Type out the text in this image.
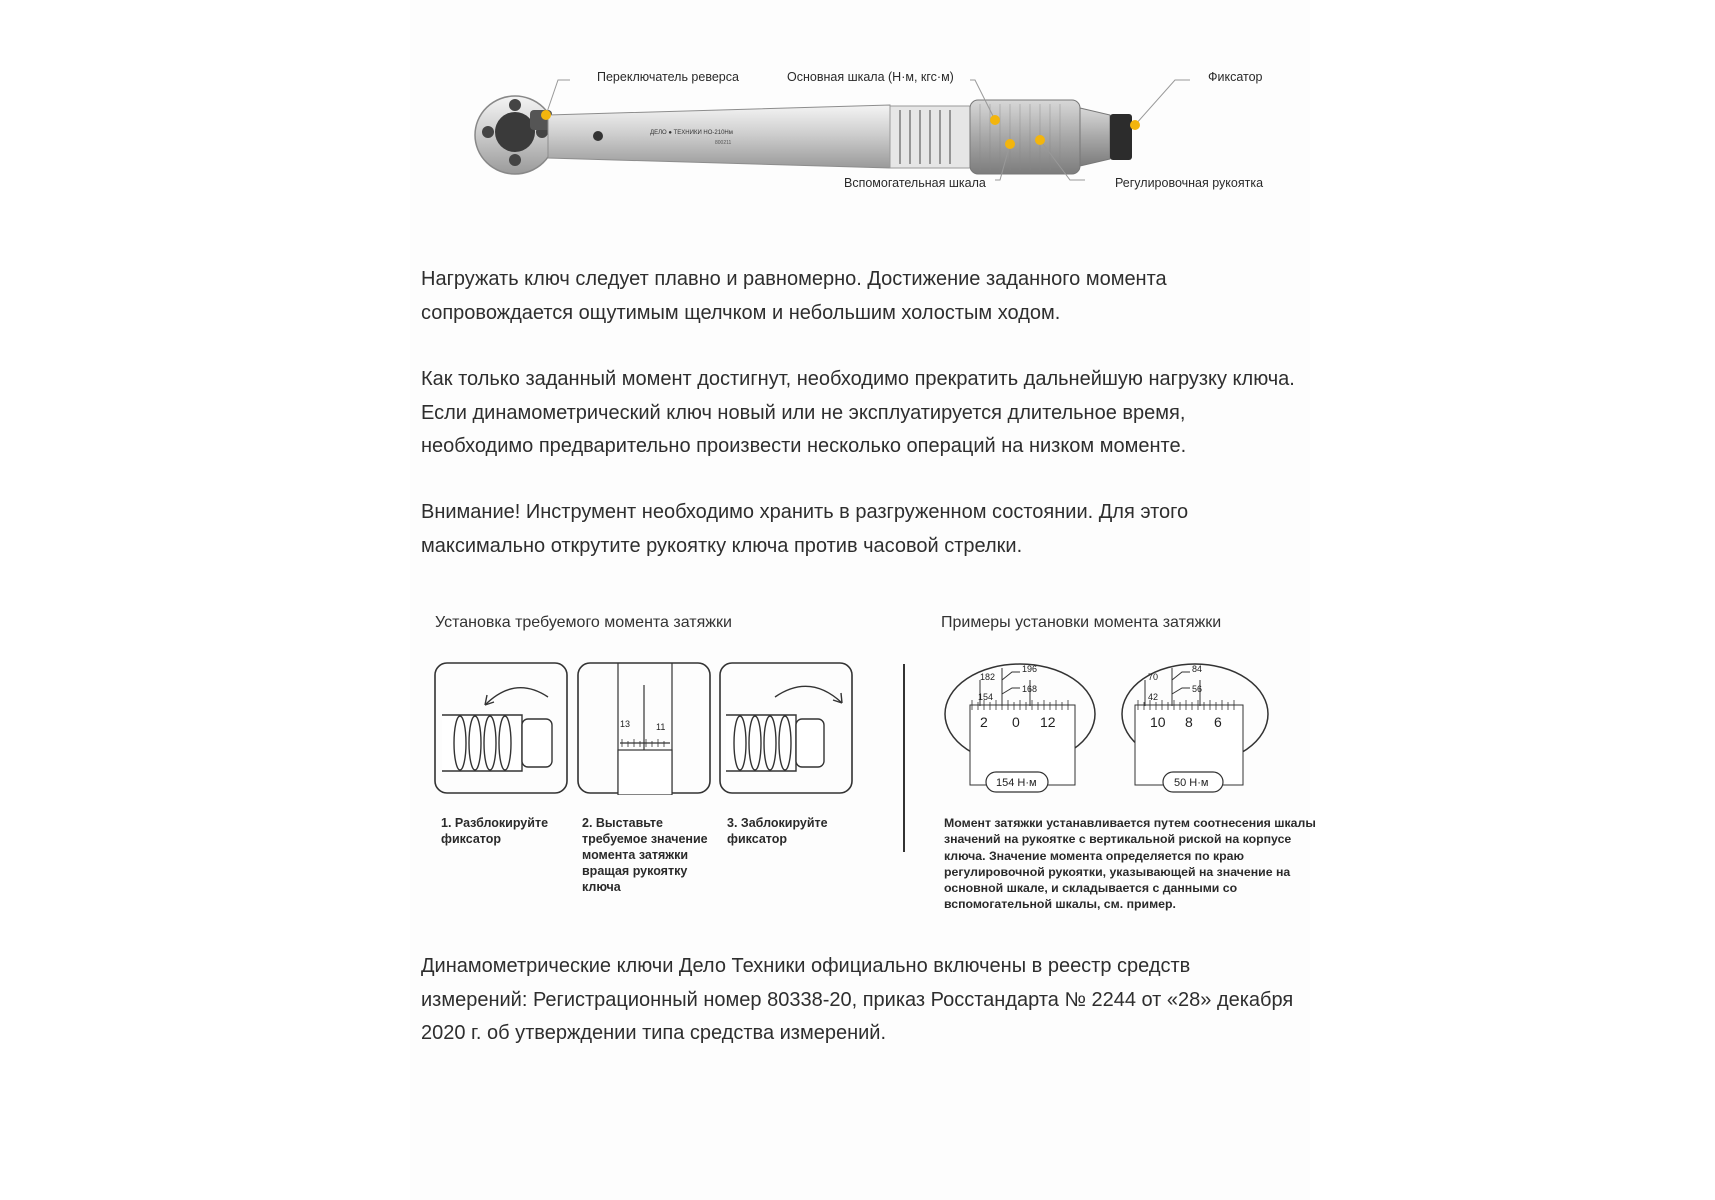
ДЕЛО ● ТЕХНИКИ НО-210Нм
800211
Переключатель реверса	Основная шкала (Н·м, кгс·м)	Фиксатор
Вспомогательная шкала	Регулировочная рукоятка

Нагружать ключ следует плавно и равномерно. Достижение заданного момента сопровождается ощутимым щелчком и небольшим холостым ходом.

Как только заданный момент достигнут, необходимо прекратить дальнейшую нагрузку ключа. Если динамометрический ключ новый или не эксплуатируется длительное время, необходимо предварительно произвести несколько операций на низком моменте.

Внимание! Инструмент необходимо хранить в разгруженном состоянии. Для этого максимально открутите рукоятку ключа против часовой стрелки.

Установка требуемого момента затяжки	Примеры установки момента затяжки
13	11
1. Разблокируйте фиксатор
2. Выставьте требуемое значение момента затяжки вращая рукоятку ключа
3. Заблокируйте фиксатор
182
196
154
168
2 0 12
70
84
42
56
10 8 6
154 Н·м	50 Н·м

Момент затяжки устанавливается путем соотнесения шкалы значений на рукоятке с вертикальной риской на корпусе ключа. Значение момента определяется по краю регулировочной рукоятки, указывающей на значение на основной шкале, и складывается с данными со вспомогательной шкалы, см. пример.

Динамометрические ключи Дело Техники официально включены в реестр средств измерений: Регистрационный номер 80338-20, приказ Росстандарта № 2244 от «28» декабря 2020 г. об утверждении типа средства измерений.
